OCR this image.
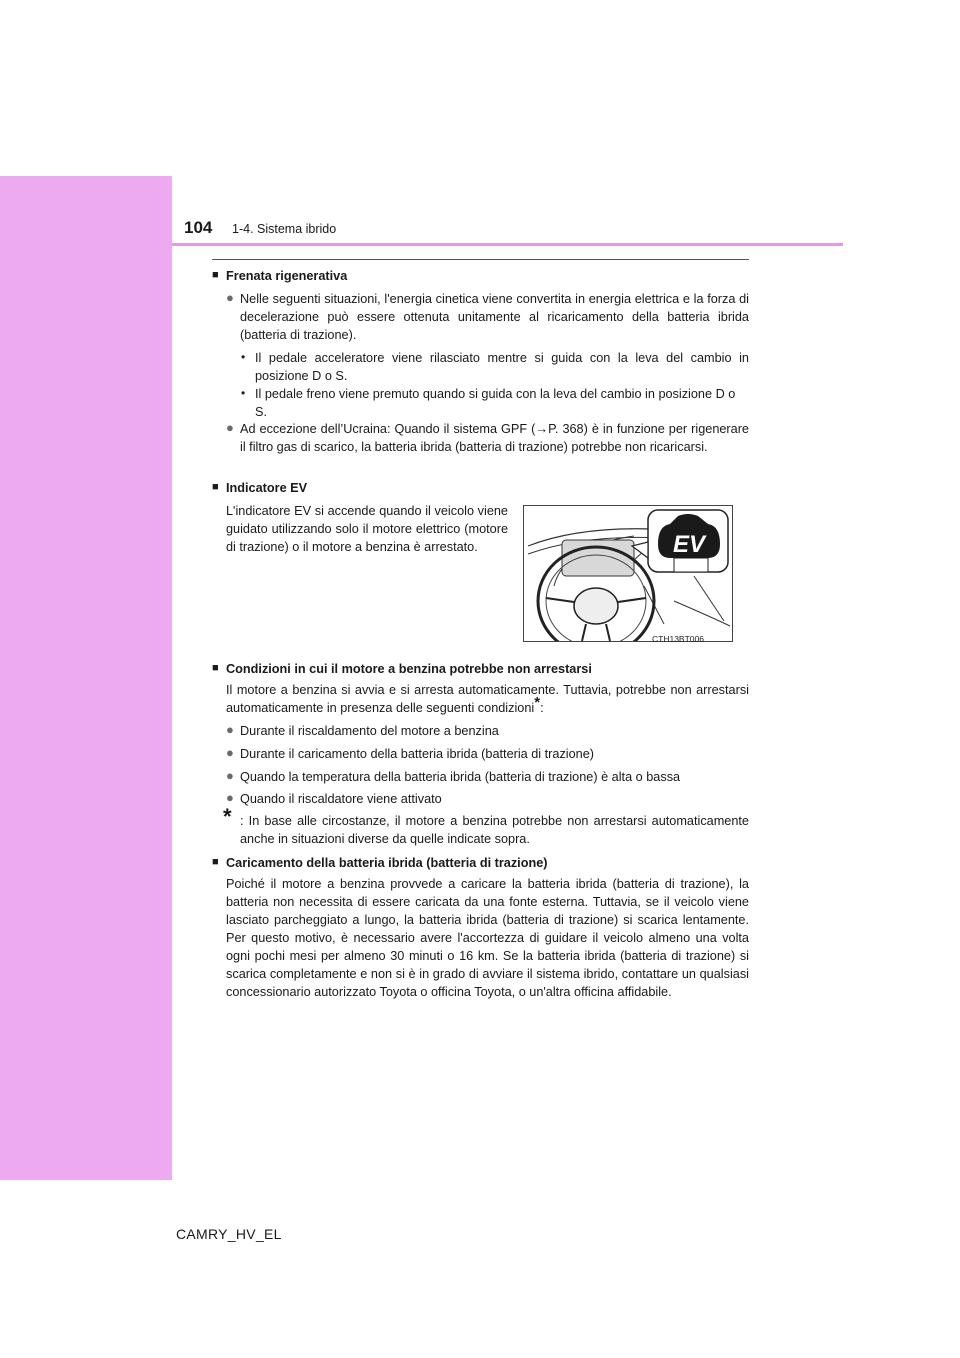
104 1-4. Sistema ibrido
■ Frenata rigenerativa
● Nelle seguenti situazioni, l'energia cinetica viene convertita in energia elettrica e la forza di decelerazione può essere ottenuta unitamente al ricaricamento della batteria ibrida (batteria di trazione).
• Il pedale acceleratore viene rilasciato mentre si guida con la leva del cambio in posizione D o S.
• Il pedale freno viene premuto quando si guida con la leva del cambio in posizione D o S.
● Ad eccezione dell’Ucraina: Quando il sistema GPF (→P. 368) è in funzione per rigenerare il filtro gas di scarico, la batteria ibrida (batteria di trazione) potrebbe non ricaricarsi.
■ Indicatore EV
L'indicatore EV si accende quando il veicolo viene guidato utilizzando solo il motore elettrico (motore di trazione) o il motore a benzina è arrestato.	EV
CTH13BT006
■ Condizioni in cui il motore a benzina potrebbe non arrestarsi
Il motore a benzina si avvia e si arresta automaticamente. Tuttavia, potrebbe non arrestarsi automaticamente in presenza delle seguenti condizioni*:
● Durante il riscaldamento del motore a benzina
● Durante il caricamento della batteria ibrida (batteria di trazione)
● Quando la temperatura della batteria ibrida (batteria di trazione) è alta o bassa
● Quando il riscaldatore viene attivato
* : In base alle circostanze, il motore a benzina potrebbe non arrestarsi automaticamente anche in situazioni diverse da quelle indicate sopra.
■ Caricamento della batteria ibrida (batteria di trazione)
Poiché il motore a benzina provvede a caricare la batteria ibrida (batteria di trazione), la batteria non necessita di essere caricata da una fonte esterna. Tuttavia, se il veicolo viene lasciato parcheggiato a lungo, la batteria ibrida (batteria di trazione) si scarica lentamente. Per questo motivo, è necessario avere l'accortezza di guidare il veicolo almeno una volta ogni pochi mesi per almeno 30 minuti o 16 km. Se la batteria ibrida (batteria di trazione) si scarica completamente e non si è in grado di avviare il sistema ibrido, contattare un qualsiasi concessionario autorizzato Toyota o officina Toyota, o un'altra officina affidabile.
CAMRY_HV_EL
